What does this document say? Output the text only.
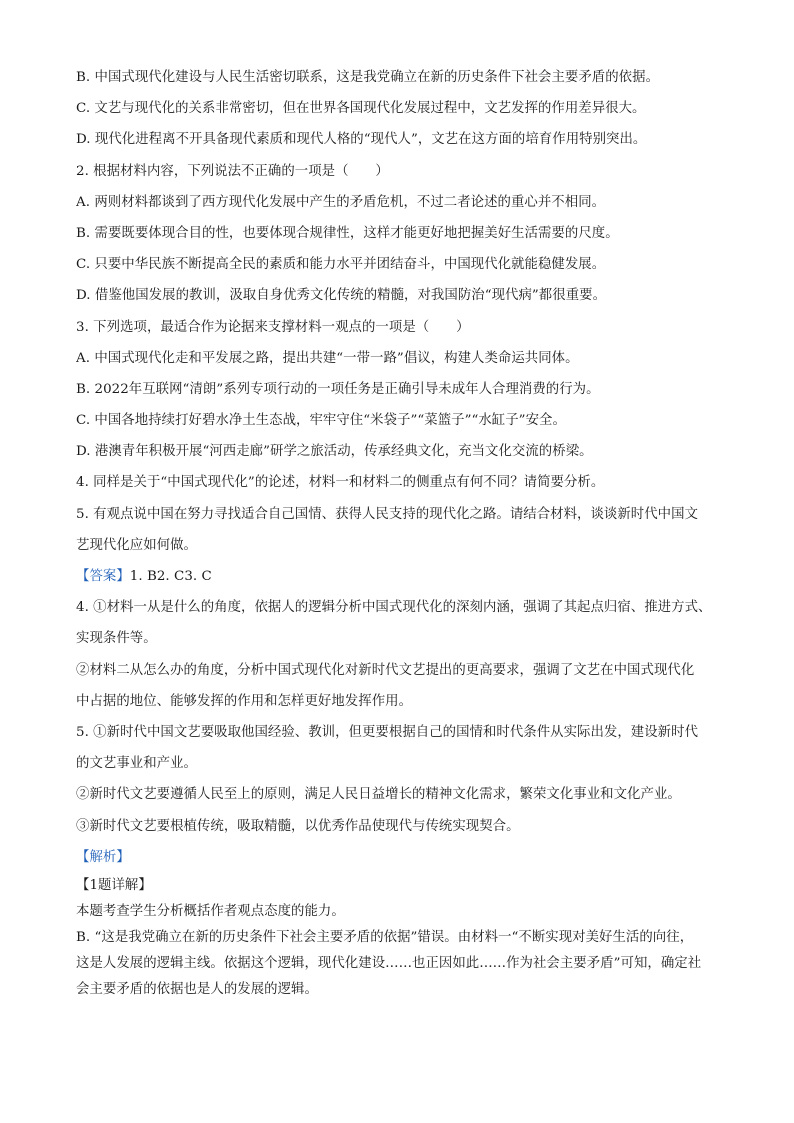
B. 中国式现代化建设与人民生活密切联系，这是我党确立在新的历史条件下社会主要矛盾的依据。
C. 文艺与现代化的关系非常密切，但在世界各国现代化发展过程中，文艺发挥的作用差异很大。
D. 现代化进程离不开具备现代素质和现代人格的“现代人”，文艺在这方面的培育作用特别突出。
2. 根据材料内容，下列说法不正确的一项是（　　）
A. 两则材料都谈到了西方现代化发展中产生的矛盾危机，不过二者论述的重心并不相同。
B. 需要既要体现合目的性，也要体现合规律性，这样才能更好地把握美好生活需要的尺度。
C. 只要中华民族不断提高全民的素质和能力水平并团结奋斗，中国现代化就能稳健发展。
D. 借鉴他国发展的教训，汲取自身优秀文化传统的精髓，对我国防治“现代病”都很重要。
3. 下列选项，最适合作为论据来支撑材料一观点的一项是（　　）
A. 中国式现代化走和平发展之路，提出共建“一带一路”倡议，构建人类命运共同体。
B. 2022年互联网“清朗”系列专项行动的一项任务是正确引导未成年人合理消费的行为。
C. 中国各地持续打好碧水净土生态战，牢牢守住“米袋子”“菜篮子”“水缸子”安全。
D. 港澳青年积极开展“河西走廊”研学之旅活动，传承经典文化，充当文化交流的桥梁。
4. 同样是关于“中国式现代化”的论述，材料一和材料二的侧重点有何不同？请简要分析。
5. 有观点说中国在努力寻找适合自己国情、获得人民支持的现代化之路。请结合材料，谈谈新时代中国文
艺现代化应如何做。
【答案】1. B2. C3. C
4. ①材料一从是什么的角度，依据人的逻辑分析中国式现代化的深刻内涵，强调了其起点归宿、推进方式、
实现条件等。
②材料二从怎么办的角度，分析中国式现代化对新时代文艺提出的更高要求，强调了文艺在中国式现代化
中占据的地位、能够发挥的作用和怎样更好地发挥作用。
5. ①新时代中国文艺要吸取他国经验、教训，但更要根据自己的国情和时代条件从实际出发，建设新时代
的文艺事业和产业。
②新时代文艺要遵循人民至上的原则，满足人民日益增长的精神文化需求，繁荣文化事业和文化产业。
③新时代文艺要根植传统，吸取精髓，以优秀作品使现代与传统实现契合。
【解析】
【1题详解】
本题考查学生分析概括作者观点态度的能力。
B. “这是我党确立在新的历史条件下社会主要矛盾的依据”错误。由材料一“不断实现对美好生活的向往，
这是人发展的逻辑主线。依据这个逻辑，现代化建设……也正因如此……作为社会主要矛盾”可知，确定社
会主要矛盾的依据也是人的发展的逻辑。
